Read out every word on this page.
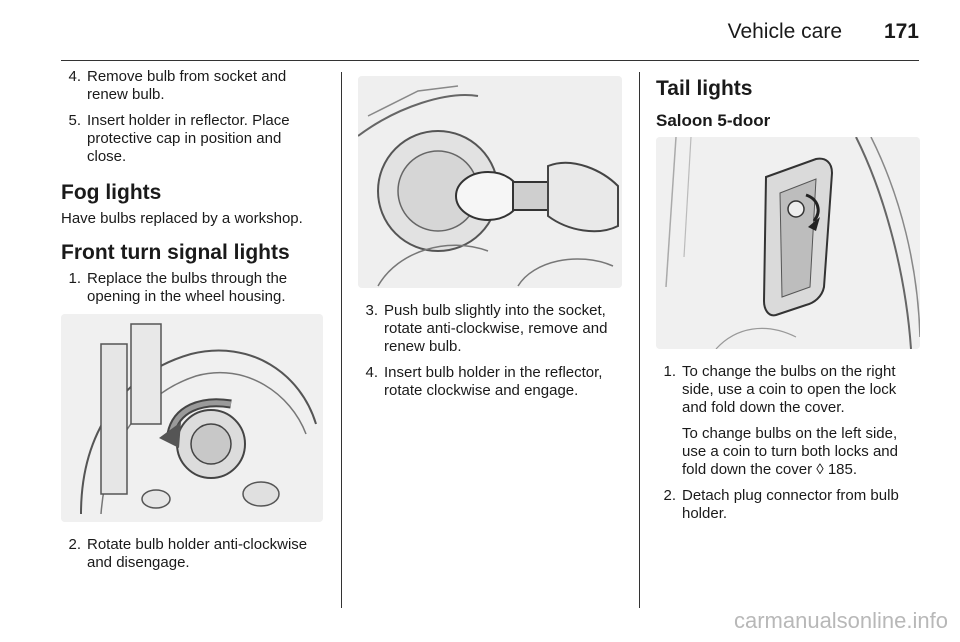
Vehicle care 171
4. Remove bulb from socket and renew bulb.
5. Insert holder in reflector. Place protective cap in position and close.
Fog lights
Have bulbs replaced by a workshop.
Front turn signal lights
1. Replace the bulbs through the opening in the wheel housing.
2. Rotate bulb holder anti-clockwise and disengage.
3. Push bulb slightly into the socket, rotate anti-clockwise, remove and renew bulb.
4. Insert bulb holder in the reflector, rotate clockwise and engage.
Tail lights
Saloon 5-door
1. To change the bulbs on the right side, use a coin to open the lock and fold down the cover.
To change bulbs on the left side, use a coin to turn both locks and fold down the cover ◊ 185.
2. Detach plug connector from bulb holder.
carmanualsonline.info
